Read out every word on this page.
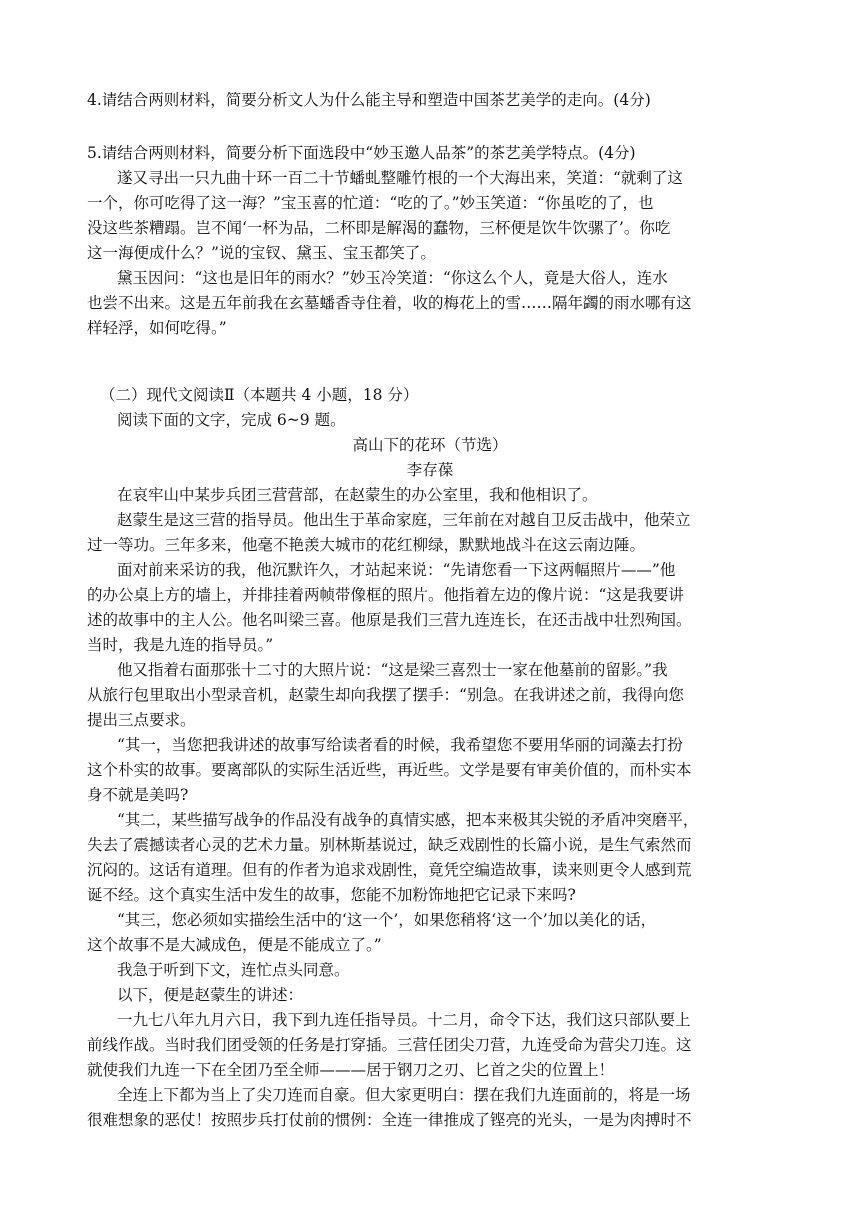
4.请结合两则材料，简要分析文人为什么能主导和塑造中国茶艺美学的走向。(4分)
5.请结合两则材料，简要分析下面选段中“妙玉邀人品茶”的茶艺美学特点。(4分)
遂又寻出一只九曲十环一百二十节蟠虬整雕竹根的一个大海出来，笑道：“就剩了这
一个，你可吃得了这一海？”宝玉喜的忙道：“吃的了。”妙玉笑道：“你虽吃的了，也
没这些茶糟蹋。岂不闻‘一杯为品，二杯即是解渴的蠢物，三杯便是饮牛饮骡了’。你吃
这一海便成什么？”说的宝钗、黛玉、宝玉都笑了。
黛玉因问：“这也是旧年的雨水？”妙玉冷笑道：“你这么个人，竟是大俗人，连水
也尝不出来。这是五年前我在玄墓蟠香寺住着，收的梅花上的雪……隔年蠲的雨水哪有这
样轻浮，如何吃得。”
（二）现代文阅读Ⅱ（本题共 4 小题，18 分）
阅读下面的文字，完成 6~9 题。
高山下的花环（节选）
李存葆
在哀牢山中某步兵团三营营部，在赵蒙生的办公室里，我和他相识了。
赵蒙生是这三营的指导员。他出生于革命家庭，三年前在对越自卫反击战中，他荣立
过一等功。三年多来，他毫不艳羡大城市的花红柳绿，默默地战斗在这云南边陲。
面对前来采访的我，他沉默许久，才站起来说：“先请您看一下这两幅照片——”他
的办公桌上方的墙上，并排挂着两帧带像框的照片。他指着左边的像片说：“这是我要讲
述的故事中的主人公。他名叫梁三喜。他原是我们三营九连连长，在还击战中壮烈殉国。
当时，我是九连的指导员。”
他又指着右面那张十二寸的大照片说：“这是梁三喜烈士一家在他墓前的留影。”我
从旅行包里取出小型录音机，赵蒙生却向我摆了摆手：“别急。在我讲述之前，我得向您
提出三点要求。
“其一，当您把我讲述的故事写给读者看的时候，我希望您不要用华丽的词藻去打扮
这个朴实的故事。要离部队的实际生活近些，再近些。文学是要有审美价值的，而朴实本
身不就是美吗?
“其二，某些描写战争的作品没有战争的真情实感，把本来极其尖锐的矛盾冲突磨平，
失去了震撼读者心灵的艺术力量。别林斯基说过，缺乏戏剧性的长篇小说，是生气索然而
沉闷的。这话有道理。但有的作者为追求戏剧性，竟凭空编造故事，读来则更令人感到荒
诞不经。这个真实生活中发生的故事，您能不加粉饰地把它记录下来吗?
“其三，您必须如实描绘生活中的‘这一个’，如果您稍将‘这一个’加以美化的话，
这个故事不是大减成色，便是不能成立了。”
我急于听到下文，连忙点头同意。
以下，便是赵蒙生的讲述：
一九七八年九月六日，我下到九连任指导员。十二月，命令下达，我们这只部队要上
前线作战。当时我们团受领的任务是打穿插。三营任团尖刀营，九连受命为营尖刀连。这
就使我们九连一下在全团乃至全师———居于钢刀之刃、匕首之尖的位置上！
全连上下都为当上了尖刀连而自豪。但大家更明白：摆在我们九连面前的，将是一场
很难想象的恶仗！按照步兵打仗前的惯例：全连一律推成了铿亮的光头，一是为肉搏时不
